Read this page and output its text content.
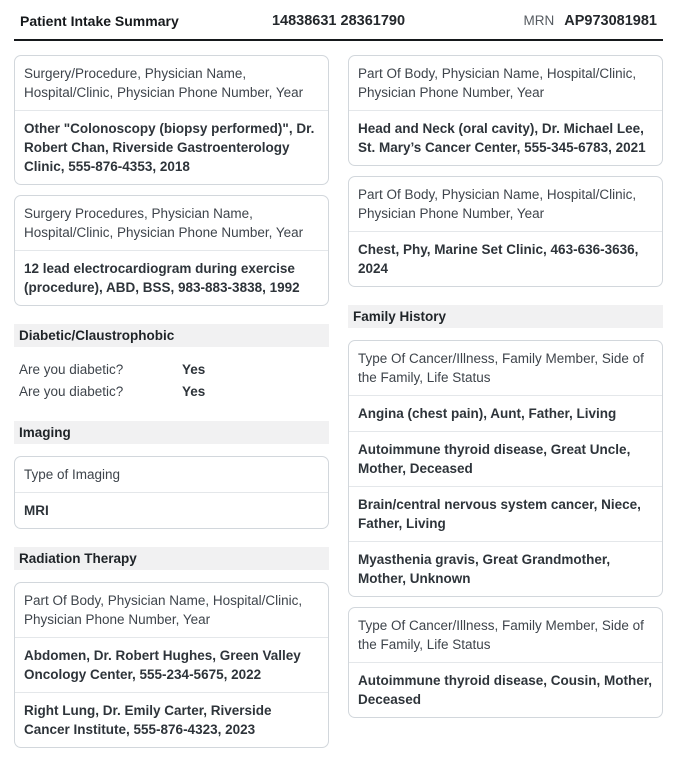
Patient Intake Summary	14838631 28361790	MRN AP973081981
Surgery/Procedure, Physician Name, Hospital/Clinic, Physician Phone Number, Year
Other "Colonoscopy (biopsy performed)", Dr. Robert Chan, Riverside Gastroenterology Clinic, 555-876-4353, 2018
Surgery Procedures, Physician Name, Hospital/Clinic, Physician Phone Number, Year
12 lead electrocardiogram during exercise (procedure), ABD, BSS, 983-883-3838, 1992
Diabetic/Claustrophobic
Are you diabetic?	Yes
Are you diabetic?	Yes
Imaging
Type of Imaging
MRI
Radiation Therapy
Part Of Body, Physician Name, Hospital/Clinic, Physician Phone Number, Year
Abdomen, Dr. Robert Hughes, Green Valley Oncology Center, 555-234-5675, 2022
Right Lung, Dr. Emily Carter, Riverside Cancer Institute, 555-876-4323, 2023
Part Of Body, Physician Name, Hospital/Clinic, Physician Phone Number, Year
Head and Neck (oral cavity), Dr. Michael Lee, St. Mary’s Cancer Center, 555-345-6783, 2021
Part Of Body, Physician Name, Hospital/Clinic, Physician Phone Number, Year
Chest, Phy, Marine Set Clinic, 463-636-3636, 2024
Family History
Type Of Cancer/Illness, Family Member, Side of the Family, Life Status
Angina (chest pain), Aunt, Father, Living
Autoimmune thyroid disease, Great Uncle, Mother, Deceased
Brain/central nervous system cancer, Niece, Father, Living
Myasthenia gravis, Great Grandmother, Mother, Unknown
Type Of Cancer/Illness, Family Member, Side of the Family, Life Status
Autoimmune thyroid disease, Cousin, Mother, Deceased
